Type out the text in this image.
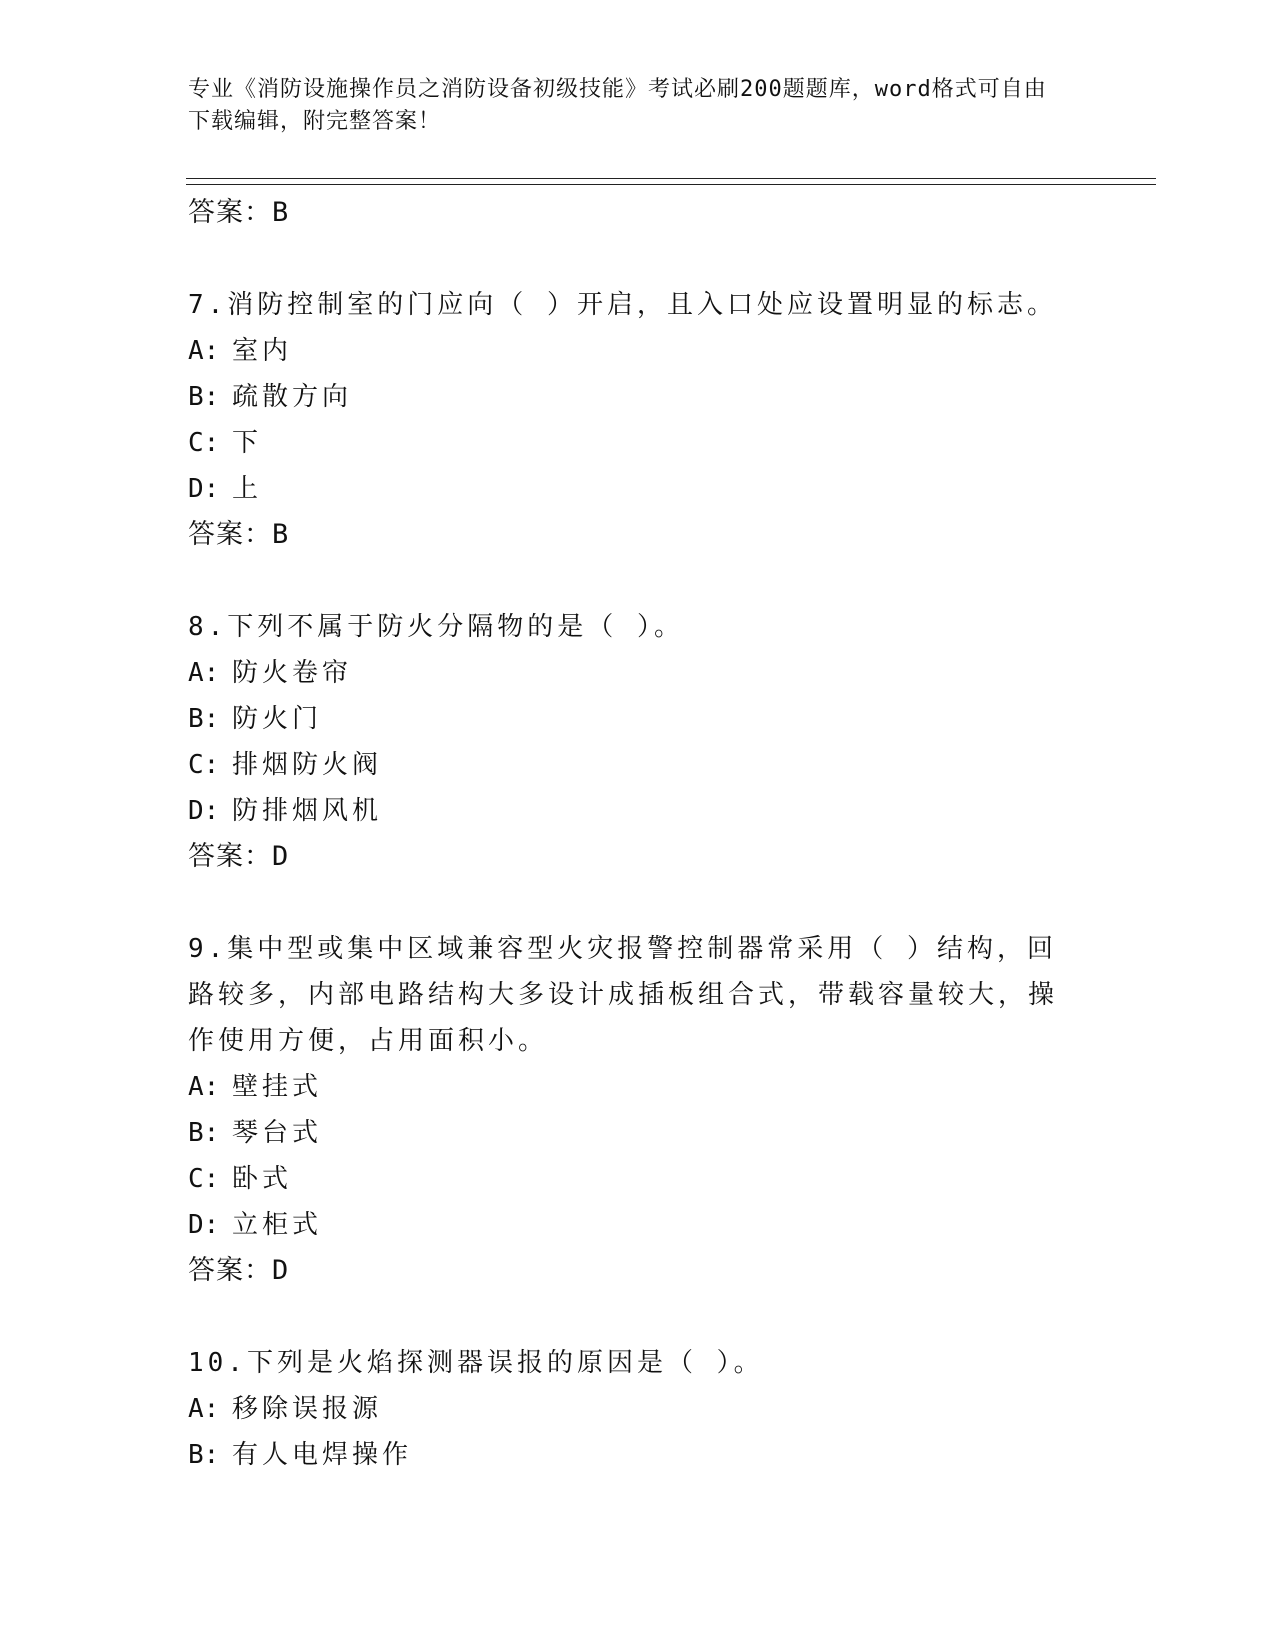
专业《消防设施操作员之消防设备初级技能》考试必刷200题题库，word格式可自由下载编辑，附完整答案！
答案：B
7.消防控制室的门应向（ ）开启，且入口处应设置明显的标志。
A: 室内
B: 疏散方向
C: 下
D: 上
答案：B
8.下列不属于防火分隔物的是（ ）。
A: 防火卷帘
B: 防火门
C: 排烟防火阀
D: 防排烟风机
答案：D
9.集中型或集中区域兼容型火灾报警控制器常采用（ ）结构，回路较多，内部电路结构大多设计成插板组合式，带载容量较大，操作使用方便，占用面积小。
A: 壁挂式
B: 琴台式
C: 卧式
D: 立柜式
答案：D
10.下列是火焰探测器误报的原因是（ ）。
A: 移除误报源
B: 有人电焊操作
